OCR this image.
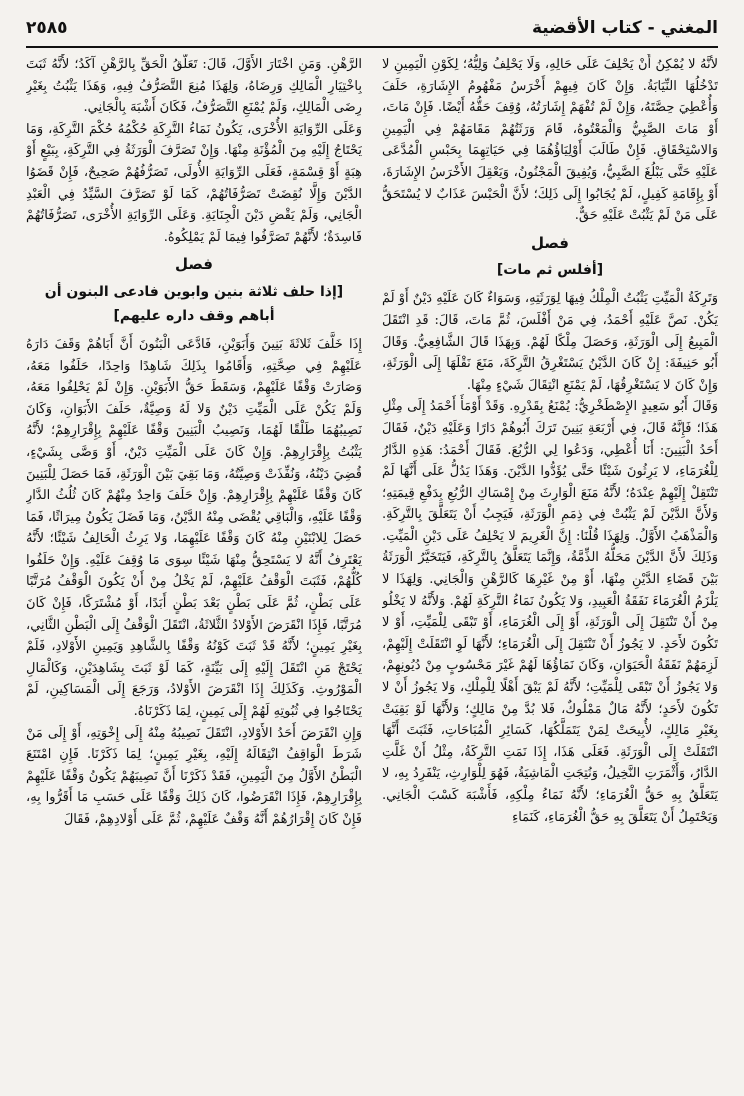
المغني - كتاب الأقضية
٢٥٨٥

لأنَّهُ لا يُمْكِنُ أَنْ يَحْلِفَ عَلَى حَالِهِ، وَلَا يَحْلِفُ وَلِيُّهُ؛ لِكَوْنِ الْيَمِينِ لا تَدْخُلُهَا النِّيَابَةُ. وَإِنْ كَانَ فِيهِمْ أَخْرَسُ مَفْهُومُ الإِشَارَةِ، حَلَفَ وَأُعْطِيَ حِصَّتَهُ، وَإِنْ لَمْ تُفْهَمْ إِشَارَتُهُ، وُقِفَ حَقُّهُ أَيْضًا. فَإِنْ مَاتَ، أَوْ مَاتَ الصَّبِيُّ وَالْمَعْتُوهُ، قَامَ وَرَثَتُهُمْ مَقَامَهُمْ فِي الْيَمِينِ وَالاسْتِحْقَاقِ. فَإِنْ طَالَبَ أَوْلِيَاؤُهُمَا فِي حَيَاتِهِمَا بِحَبْسِ الْمُدَّعَى عَلَيْهِ حَتَّى يَبْلُغَ الصَّبِيُّ، وَيُفِيقَ الْمَجْنُونُ، وَيَعْقِلَ الأَخْرَسُ الإِشَارَةَ، أَوْ بِإِقَامَةِ كَفِيلٍ، لَمْ يُجَابُوا إِلَى ذَلِكَ؛ لأَنَّ الْحَبْسَ عَذَابٌ لا يُسْتَحَقُّ عَلَى مَنْ لَمْ يَثْبُتْ عَلَيْهِ حَقٌّ.

فصل
[أفلس ثم مات]

وَتَرِكَةُ الْمَيِّتِ يَثْبُتُ الْمِلْكُ فِيهَا لِوَرَثَتِهِ، وَسَوَاءٌ كَانَ عَلَيْهِ دَيْنٌ أَوْ لَمْ يَكُنْ. نَصَّ عَلَيْهِ أَحْمَدُ، فِي مَنْ أَفْلَسَ، ثُمَّ مَاتَ، قَالَ: قَدِ انْتَقَلَ الْمَبِيعُ إِلَى الْوَرَثَةِ، وَحَصَلَ مِلْكًا لَهُمْ. وَبِهَذَا قَالَ الشَّافِعِيُّ. وَقَالَ أَبُو حَنِيفَةَ: إِنْ كَانَ الدَّيْنُ يَسْتَغْرِقُ التَّرِكَةَ، مَنَعَ نَقْلَهَا إِلَى الْوَرَثَةِ، وَإِنْ كَانَ لا يَسْتَغْرِقُهَا، لَمْ يَمْنَعِ انْتِقَالَ شَيْءٍ مِنْهَا.

وَقَالَ أَبُو سَعِيدٍ الإِصْطَخْرِيُّ: يُمْنَعُ بِقَدْرِهِ. وَقَدْ أَوْمَأَ أَحْمَدُ إِلَى مِثْلِ هَذَا؛ فَإِنَّهُ قَالَ، فِي أَرْبَعَةِ بَنِينَ تَرَكَ أَبُوهُمْ دَارًا وَعَلَيْهِ دَيْنٌ، فَقَالَ أَحَدُ الْبَنِينَ: أَنَا أُعْطِي، وَدَعُوا لِي الرُّبُعَ. فَقَالَ أَحْمَدُ: هَذِهِ الدَّارُ لِلْغُرَمَاءِ، لا يَرِثُونَ شَيْئًا حَتَّى يُؤَدُّوا الدَّيْنَ. وَهَذَا يَدُلُّ عَلَى أَنَّهَا لَمْ تَنْتَقِلْ إِلَيْهِمْ عِنْدَهُ؛ لأَنَّهُ مَنَعَ الْوَارِثَ مِنْ إِمْسَاكِ الرُّبُعِ بِدَفْعِ قِيمَتِهِ؛ وَلأَنَّ الدَّيْنَ لَمْ يَثْبُتْ فِي ذِمَمِ الْوَرَثَةِ، فَيَجِبُ أَنْ يَتَعَلَّقَ بِالتَّرِكَةِ. وَالْمَذْهَبُ الأَوَّلُ. وَلِهَذَا قُلْنَا: إِنَّ الْغَرِيمَ لا يَحْلِفُ عَلَى دَيْنِ الْمَيِّتِ. وَذَلِكَ لأَنَّ الدَّيْنَ مَحَلُّهُ الذِّمَّةُ، وَإِنَّمَا يَتَعَلَّقُ بِالتَّرِكَةِ، فَيَتَخَيَّرُ الْوَرَثَةُ بَيْنَ قَضَاءِ الدَّيْنِ مِنْهَا، أَوْ مِنْ غَيْرِهَا كَالرَّهْنِ وَالْجَانِي. وَلِهَذَا لا يَلْزَمُ الْغُرَمَاءَ نَفَقَةُ الْعَبِيدِ، وَلا يَكُونُ نَمَاءُ التَّرِكَةِ لَهُمْ. وَلأَنَّهُ لا يَخْلُو مِنْ أَنْ تَنْتَقِلَ إِلَى الْوَرَثَةِ، أَوْ إِلَى الْغُرَمَاءِ، أَوْ تَبْقَى لِلْمَيِّتِ، أَوْ لا تَكُونَ لأَحَدٍ. لا يَجُوزُ أَنْ تَنْتَقِلَ إِلَى الْغُرَمَاءِ؛ لأَنَّهَا لَوِ انْتَقَلَتْ إِلَيْهِمْ، لَزِمَهُمْ نَفَقَةُ الْحَيَوَانِ، وَكَانَ نَمَاؤُهَا لَهُمْ غَيْرَ مَحْسُوبٍ مِنْ دُيُونِهِمْ، وَلا يَجُوزُ أَنْ تَبْقَى لِلْمَيِّتِ؛ لأَنَّهُ لَمْ يَبْقَ أَهْلًا لِلْمِلْكِ، وَلا يَجُوزُ أَنْ لا تَكُونَ لأَحَدٍ؛ لأَنَّهُ مَالٌ مَمْلُوكٌ، فَلا بُدَّ مِنْ مَالِكٍ؛ وَلأَنَّهَا لَوْ بَقِيَتْ بِغَيْرِ مَالِكٍ، لأُبِيحَتْ لِمَنْ يَتَمَلَّكُهَا، كَسَائِرِ الْمُبَاحَاتِ، فَثَبَتَ أَنَّهَا انْتَقَلَتْ إِلَى الْوَرَثَةِ. فَعَلَى هَذَا، إِذَا نَمَتِ التَّرِكَةُ، مِثْلُ أَنْ غَلَّتِ الدَّارُ، وَأَثْمَرَتِ النَّخِيلُ، وَنُتِجَتِ الْمَاشِيَةُ، فَهُوَ لِلْوَارِثِ، يَنْفَرِدُ بِهِ، لا يَتَعَلَّقُ بِهِ حَقُّ الْغُرَمَاءِ؛ لأَنَّهُ نَمَاءُ مِلْكِهِ، فَأَشْبَهَ كَسْبَ الْجَانِي. وَيَحْتَمِلُ أَنْ يَتَعَلَّقَ بِهِ حَقُّ الْغُرَمَاءِ، كَنَمَاءِ

الرَّهْنِ. وَمَنِ اخْتَارَ الأَوَّلَ، قَالَ: تَعَلُّقُ الْحَقِّ بِالرَّهْنِ آكَدُ؛ لأَنَّهُ ثَبَتَ بِاخْتِيَارِ الْمَالِكِ وَرِضَاهُ، وَلِهَذَا مُنِعَ التَّصَرُّفُ فِيهِ، وَهَذَا يَثْبُتُ بِغَيْرِ رِضَى الْمَالِكِ، وَلَمْ يُمْنَعِ التَّصَرُّفُ، فَكَانَ أَشْبَهَ بِالْجَانِي.

وَعَلَى الرِّوَايَةِ الأُخْرَى، يَكُونُ نَمَاءُ التَّرِكَةِ حُكْمُهُ حُكْمَ التَّرِكَةِ، وَمَا يَحْتَاجُ إِلَيْهِ مِنَ الْمُؤْنَةِ مِنْهَا. وَإِنْ تَصَرَّفَ الْوَرَثَةُ فِي التَّرِكَةِ، بِبَيْعٍ أَوْ هِبَةٍ أَوْ قِسْمَةٍ، فَعَلَى الرِّوَايَةِ الأُولَى، تَصَرُّفُهُمْ صَحِيحٌ، فَإِنْ قَضَوُا الدَّيْنَ وَإِلَّا نُقِضَتْ تَصَرُّفَاتُهُمْ، كَمَا لَوْ تَصَرَّفَ السَّيِّدُ فِي الْعَبْدِ الْجَانِي، وَلَمْ يَقْضِ دَيْنَ الْجِنَايَةِ. وَعَلَى الرِّوَايَةِ الأُخْرَى، تَصَرُّفَاتُهُمْ فَاسِدَةٌ؛ لأَنَّهُمْ تَصَرَّفُوا فِيمَا لَمْ يَمْلِكُوهُ.

فصل
[إذا حلف ثلاثة بنين وابوين فادعى البنون أن أباهم وقف داره عليهم]

إِذَا خَلَّفَ ثَلاثَةَ بَنِينَ وَأَبَوَيْنِ، فَادَّعَى الْبَنُونَ أَنَّ أَبَاهُمْ وَقَفَ دَارَهُ عَلَيْهِمْ فِي صِحَّتِهِ، وَأَقَامُوا بِذَلِكَ شَاهِدًا وَاحِدًا، حَلَفُوا مَعَهُ، وَصَارَتْ وَقْفًا عَلَيْهِمْ، وَسَقَطَ حَقُّ الأَبَوَيْنِ. وَإِنْ لَمْ يَحْلِفُوا مَعَهُ، وَلَمْ يَكُنْ عَلَى الْمَيِّتِ دَيْنٌ وَلا لَهُ وَصِيَّةٌ، حَلَفَ الأَبَوَانِ، وَكَانَ نَصِيبُهُمَا طَلْقًا لَهُمَا، وَنَصِيبُ الْبَنِينَ وَقْفًا عَلَيْهِمْ بِإِقْرَارِهِمْ؛ لأَنَّهُ يَثْبُتُ بِإِقْرَارِهِمْ. وَإِنْ كَانَ عَلَى الْمَيِّتِ دَيْنٌ، أَوْ وَصَّى بِشَيْءٍ، قُضِيَ دَيْنُهُ، وَنُفِّذَتْ وَصِيَّتُهُ، وَمَا بَقِيَ بَيْنَ الْوَرَثَةِ، فَمَا حَصَلَ لِلْبَنِينَ كَانَ وَقْفًا عَلَيْهِمْ بِإِقْرَارِهِمْ. وَإِنْ حَلَفَ وَاحِدٌ مِنْهُمْ كَانَ ثُلُثُ الدَّارِ وَقْفًا عَلَيْهِ، وَالْبَاقِي يُقْضَى مِنْهُ الدَّيْنُ، وَمَا فَضَلَ يَكُونُ مِيرَاثًا، فَمَا حَصَلَ لِلابْنَيْنِ مِنْهُ كَانَ وَقْفًا عَلَيْهِمَا، وَلا يَرِثُ الْحَالِفُ شَيْئًا؛ لأَنَّهُ يَعْتَرِفُ أَنَّهُ لا يَسْتَحِقُّ مِنْهَا شَيْئًا سِوَى مَا وُقِفَ عَلَيْهِ. وَإِنْ حَلَفُوا كُلُّهُمْ، فَثَبَتَ الْوَقْفُ عَلَيْهِمْ، لَمْ يَخْلُ مِنْ أَنْ يَكُونَ الْوَقْفُ مُرَتَّبًا عَلَى بَطْنٍ، ثُمَّ عَلَى بَطْنٍ بَعْدَ بَطْنٍ أَبَدًا، أَوْ مُشْتَرَكًا، فَإِنْ كَانَ مُرَتَّبًا، فَإِذَا انْقَرَضَ الأَوْلادُ الثَّلاثَةُ، انْتَقَلَ الْوَقْفُ إِلَى الْبَطْنِ الثَّانِي، بِغَيْرِ يَمِينٍ؛ لأَنَّهُ قَدْ ثَبَتَ كَوْنُهُ وَقْفًا بِالشَّاهِدِ وَيَمِينِ الأَوْلادِ، فَلَمْ يَحْتَجْ مَنِ انْتَقَلَ إِلَيْهِ إِلَى بَيِّنَةٍ، كَمَا لَوْ ثَبَتَ بِشَاهِدَيْنِ، وَكَالْمَالِ الْمَوْرُوثِ. وَكَذَلِكَ إِذَا انْقَرَضَ الأَوْلادُ، وَرَجَعَ إِلَى الْمَسَاكِينِ، لَمْ يَحْتَاجُوا فِي ثُبُوتِهِ لَهُمْ إِلَى يَمِينٍ، لِمَا ذَكَرْنَاهُ.

وَإِنِ انْقَرَضَ أَحَدُ الأَوْلادِ، انْتَقَلَ نَصِيبُهُ مِنْهُ إِلَى إِخْوَتِهِ، أَوْ إِلَى مَنْ شَرَطَ الْوَاقِفُ انْتِقَالَهُ إِلَيْهِ، بِغَيْرِ يَمِينٍ؛ لِمَا ذَكَرْنَا. فَإِنِ امْتَنَعَ الْبَطْنُ الأَوَّلُ مِنَ الْيَمِينِ، فَقَدْ ذَكَرْنَا أَنَّ نَصِيبَهُمْ يَكُونُ وَقْفًا عَلَيْهِمْ بِإِقْرَارِهِمْ، فَإِذَا انْقَرَضُوا، كَانَ ذَلِكَ وَقْفًا عَلَى حَسَبِ مَا أَقَرُّوا بِهِ، فَإِنْ كَانَ إِقْرَارُهُمْ أَنَّهُ وَقْفٌ عَلَيْهِمْ، ثُمَّ عَلَى أَوْلادِهِمْ، فَقَالَ
